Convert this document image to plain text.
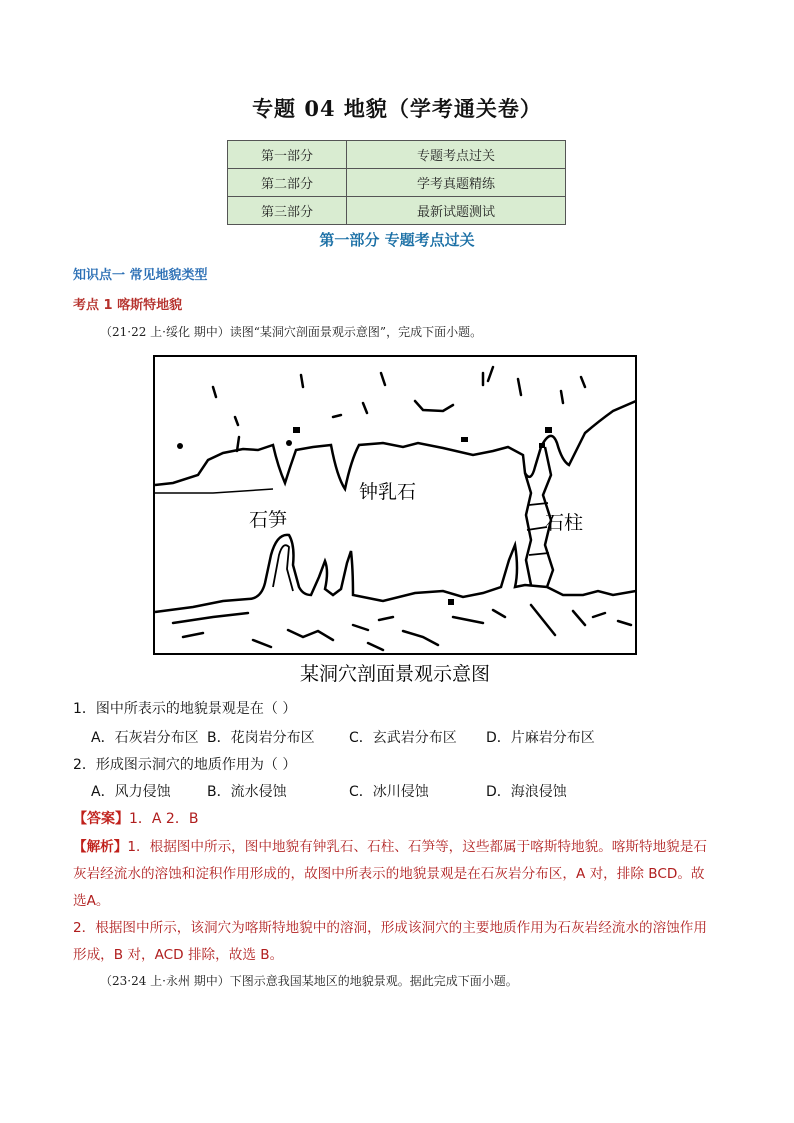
专题 04 地貌（学考通关卷）
第一部分	专题考点过关
第二部分	学考真题精练
第三部分	最新试题测试
第一部分 专题考点过关
知识点一 常见地貌类型
考点 1 喀斯特地貌
（21·22 上·绥化 期中）读图“某洞穴剖面景观示意图”，完成下面小题。
钟乳石
石笋	石柱
某洞穴剖面景观示意图
1．图中所表示的地貌景观是在（ ）
A．石灰岩分布区 B．花岗岩分布区 C．玄武岩分布区 D．片麻岩分布区
2．形成图示洞穴的地质作用为（ ）
A．风力侵蚀	B．流水侵蚀	C．冰川侵蚀	D．海浪侵蚀
【答案】1．A 2．B
【解析】1．根据图中所示，图中地貌有钟乳石、石柱、石笋等，这些都属于喀斯特地貌。喀斯特地貌是石
灰岩经流水的溶蚀和淀积作用形成的，故图中所表示的地貌景观是在石灰岩分布区，A 对，排除 BCD。故
选A。
2．根据图中所示，该洞穴为喀斯特地貌中的溶洞，形成该洞穴的主要地质作用为石灰岩经流水的溶蚀作用
形成，B 对，ACD 排除，故选 B。
（23·24 上·永州 期中）下图示意我国某地区的地貌景观。据此完成下面小题。
